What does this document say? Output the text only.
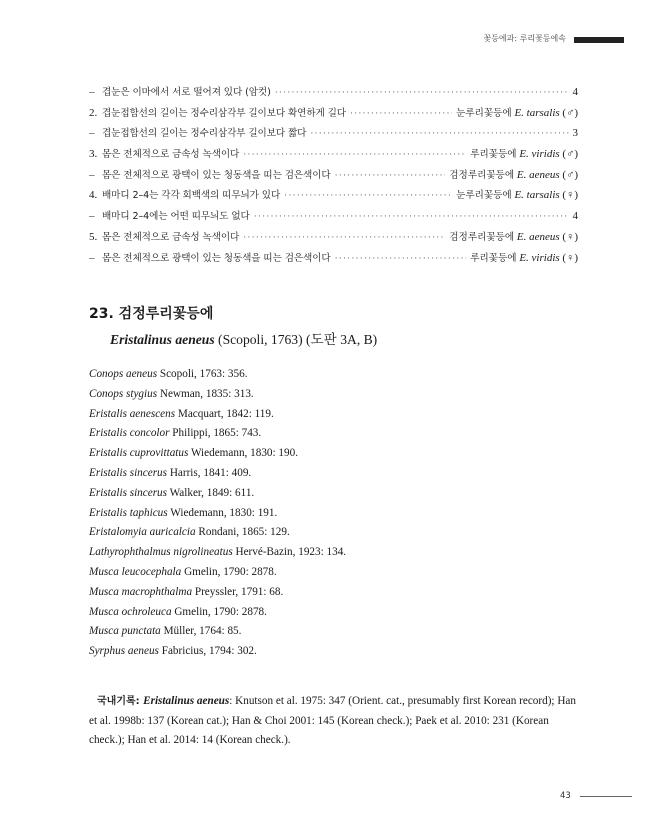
꽃등에과: 루리꽃등에속
– 겹눈은 이마에서 서로 떨어져 있다 (암컷) ·····	4
2. 겹눈접합선의 길이는 정수리삼각부 길이보다 확연하게 길다 ·····	눈루리꽃등에 E. tarsalis (♂)
– 겹눈접합선의 길이는 정수리삼각부 길이보다 짧다 ·····	3
3. 몸은 전체적으로 금속성 녹색이다 ·····	루리꽃등에 E. viridis (♂)
– 몸은 전체적으로 광택이 있는 청동색을 띠는 검은색이다 ·····	검정루리꽃등에 E. aeneus (♂)
4. 배마디 2–4는 각각 회백색의 띠무늬가 있다 ·····	눈루리꽃등에 E. tarsalis (♀)
– 배마디 2–4에는 어떤 띠무늬도 없다 ·····	4
5. 몸은 전체적으로 금속성 녹색이다 ·····	검정루리꽃등에 E. aeneus (♀)
– 몸은 전체적으로 광택이 있는 청동색을 띠는 검은색이다 ·····	루리꽃등에 E. viridis (♀)
23. 검정루리꽃등에
Eristalinus aeneus (Scopoli, 1763) (도판 3A, B)
Conops aeneus Scopoli, 1763: 356.
Conops stygius Newman, 1835: 313.
Eristalis aenescens Macquart, 1842: 119.
Eristalis concolor Philippi, 1865: 743.
Eristalis cuprovittatus Wiedemann, 1830: 190.
Eristalis sincerus Harris, 1841: 409.
Eristalis sincerus Walker, 1849: 611.
Eristalis taphicus Wiedemann, 1830: 191.
Eristalomyia auricalcia Rondani, 1865: 129.
Lathyrophthalmus nigrolineatus Hervé-Bazin, 1923: 134.
Musca leucocephala Gmelin, 1790: 2878.
Musca macrophthalma Preyssler, 1791: 68.
Musca ochroleuca Gmelin, 1790: 2878.
Musca punctata Müller, 1764: 85.
Syrphus aeneus Fabricius, 1794: 302.

국내기록: Eristalinus aeneus: Knutson et al. 1975: 347 (Orient. cat., presumably first Korean record); Han et al. 1998b: 137 (Korean cat.); Han & Choi 2001: 145 (Korean check.); Paek et al. 2010: 231 (Korean check.); Han et al. 2014: 14 (Korean check.).

43
